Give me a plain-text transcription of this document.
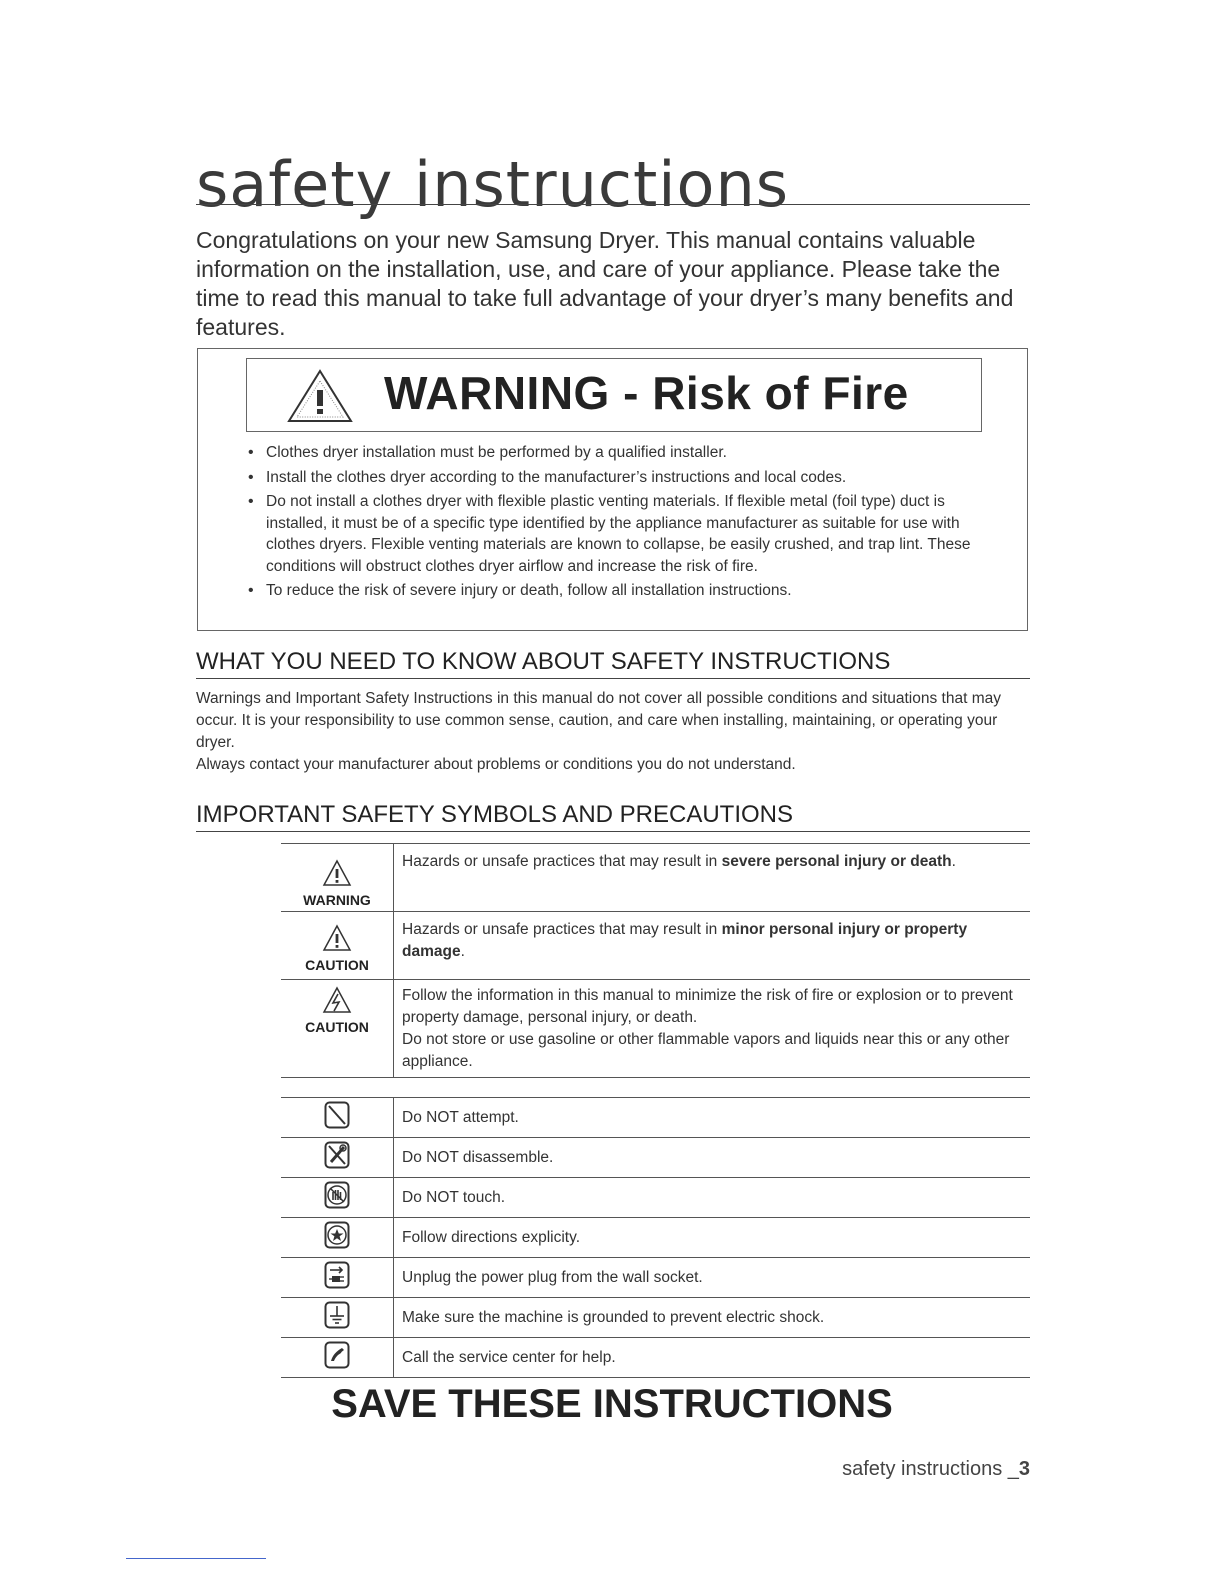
safety instructions
Congratulations on your new Samsung Dryer. This manual contains valuable information on the installation, use, and care of your appliance. Please take the time to read this manual to take full advantage of your dryer’s many benefits and features.
WARNING - Risk of Fire
• Clothes dryer installation must be performed by a qualified installer.
• Install the clothes dryer according to the manufacturer’s instructions and local codes.
• Do not install a clothes dryer with flexible plastic venting materials. If flexible metal (foil type) duct is installed, it must be of a specific type identified by the appliance manufacturer as suitable for use with clothes dryers. Flexible venting materials are known to collapse, be easily crushed, and trap lint. These conditions will obstruct clothes dryer airflow and increase the risk of fire.
• To reduce the risk of severe injury or death, follow all installation instructions.
WHAT YOU NEED TO KNOW ABOUT SAFETY INSTRUCTIONS
Warnings and Important Safety Instructions in this manual do not cover all possible conditions and situations that may occur. It is your responsibility to use common sense, caution, and care when installing, maintaining, or operating your dryer.
Always contact your manufacturer about problems or conditions you do not understand.
IMPORTANT SAFETY SYMBOLS AND PRECAUTIONS
WARNING	Hazards or unsafe practices that may result in severe personal injury or death.

CAUTION	Hazards or unsafe practices that may result in minor personal injury or property damage.

CAUTION	Follow the information in this manual to minimize the risk of fire or explosion or to prevent property damage, personal injury, or death.
Do not store or use gasoline or other flammable vapors and liquids near this or any other appliance.
	Do NOT attempt.
	Do NOT disassemble.
	Do NOT touch.
	Follow directions explicity.
	Unplug the power plug from the wall socket.
	Make sure the machine is grounded to prevent electric shock.
	Call the service center for help.
SAVE THESE INSTRUCTIONS
safety instructions _3
